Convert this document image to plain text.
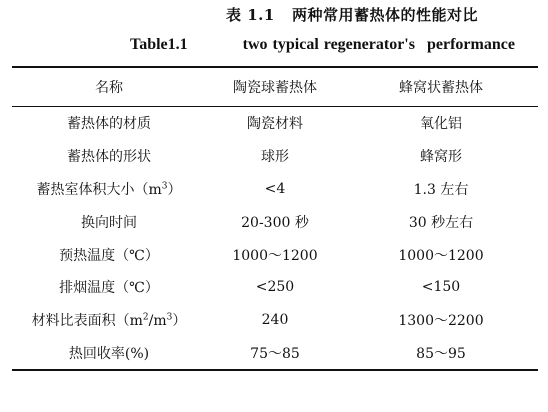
表 1.1 两种常用蓄热体的性能对比
Table1.1	two typical regenerator's performance
名称	陶瓷球蓄热体	蜂窝状蓄热体
蓄热体的材质	陶瓷材料	氧化铝
蓄热体的形状	球形	蜂窝形
蓄热室体积大小$(m^3)$	<4	1.3 左右
换向时间	20-300 秒	30 秒左右
预热温度（℃）	1000～1200	1000～1200
排烟温度（℃）	<250	<150
材料比表面积$(m^2/m^3)$	240	1300～2200
热回收率(%)	75～85	85～95
